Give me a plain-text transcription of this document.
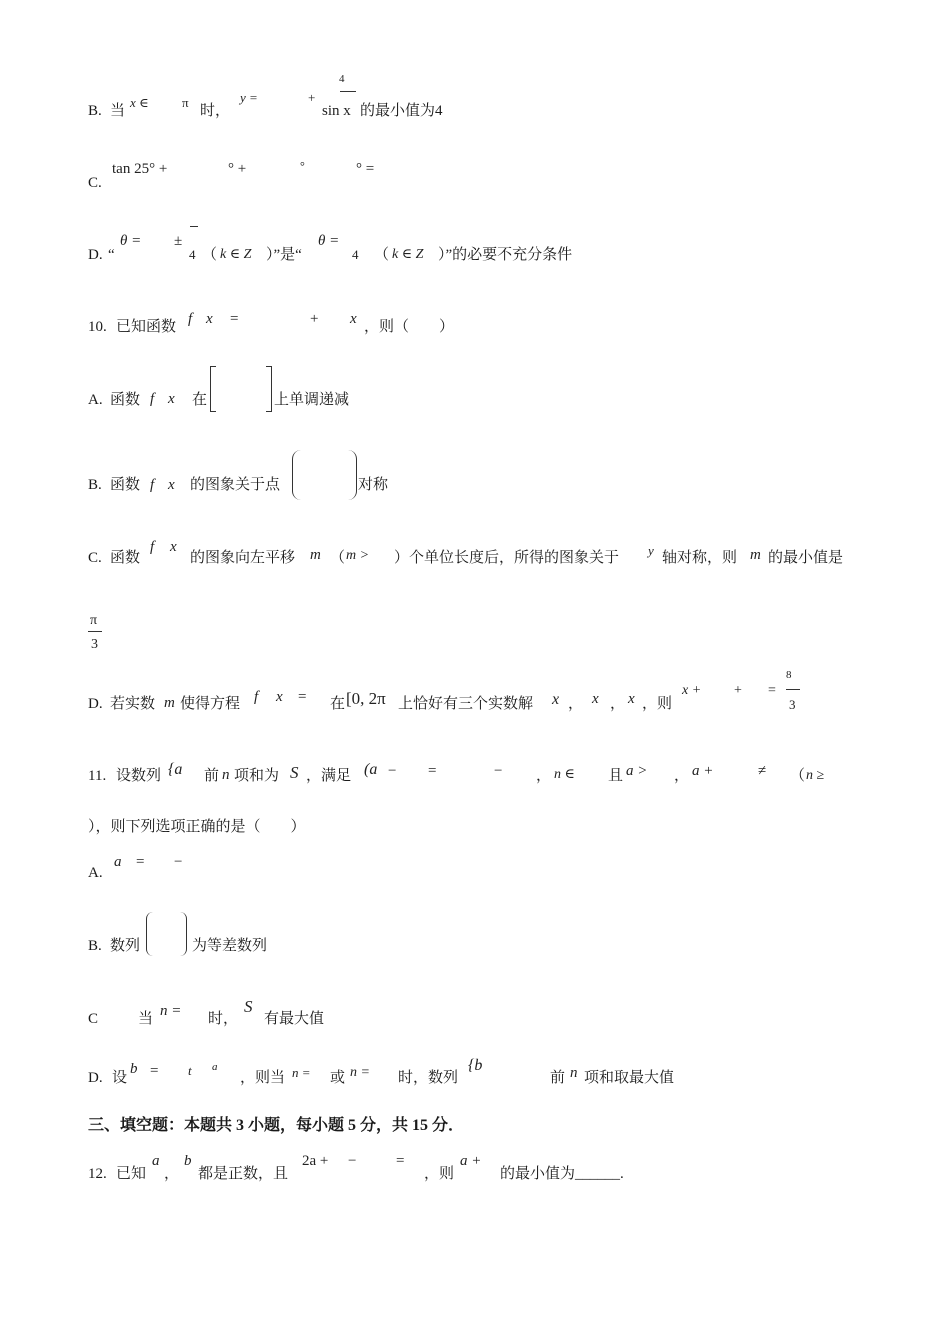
B. 当
x ∈	π
时，
y =	+
4
sin x 的最小值为4
C.
tan 25° +	° +	°	° =
D. “
θ = ±
4 （ k ∈ Z ）”是“
θ =
4 （ k ∈ Z ）”的必要不充分条件
10. 已知函数 f x =	+ x ，则（　　）
A. 函数 f x 在	上单调递减
B. 函数 f x 的图象关于点	对称
C. 函数
f x
的图象向左平移 m （ m > ）个单位长度后，所得的图象关于 y 轴对称，则 m 的最小值是
π
3
D. 若实数 m 使得方程 f x = 在 [0, 2π 上恰好有三个实数解 x ， x ， x ，则
x + + =
8
3
11. 设数列 {a 前 n 项和为 S ，满足 (a − =	− ， n ∈ 且 a > ， a +	≠ （ n ≥
），则下列选项正确的是（　　）
A.
a = −
B. 数列	为等差数列
C	当 n = 时，
S
有最大值
D. 设
b = t a
，则当 n = 或 n = 时，数列
{b
前 n 项和取最大值
三、填空题：本题共 3 小题，每小题 5 分，共 15 分．
12. 已知
a
，
b
都是正数，且
2a + −	=
，则
a +
的最小值为______.
